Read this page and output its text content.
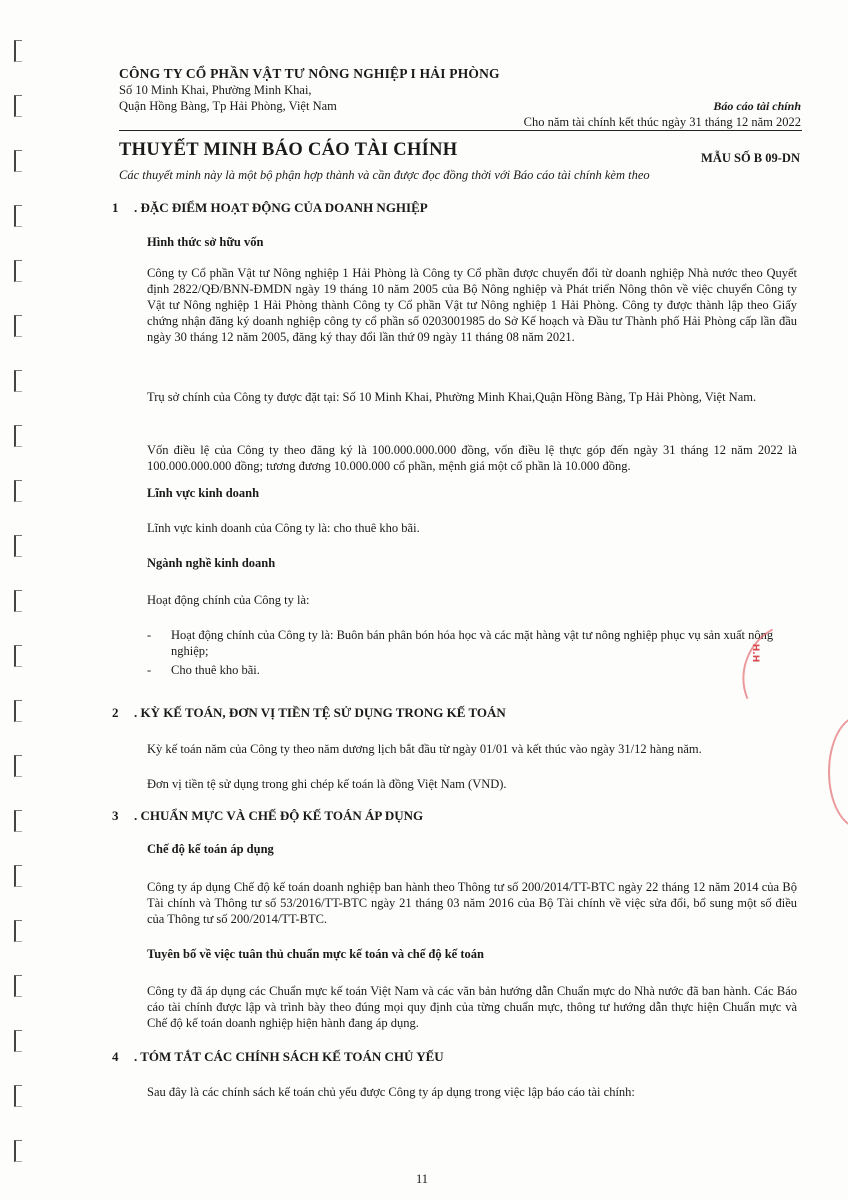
CÔNG TY CỔ PHẦN VẬT TƯ NÔNG NGHIỆP I HẢI PHÒNG
Số 10 Minh Khai, Phường Minh Khai,
Quận Hồng Bàng, Tp Hải Phòng, Việt Nam	Báo cáo tài chính
Cho năm tài chính kết thúc ngày 31 tháng 12 năm 2022
THUYẾT MINH BÁO CÁO TÀI CHÍNH	MẪU SỐ B 09-DN
Các thuyết minh này là một bộ phận hợp thành và cần được đọc đồng thời với Báo cáo tài chính kèm theo
1 . ĐẶC ĐIỂM HOẠT ĐỘNG CỦA DOANH NGHIỆP
Hình thức sở hữu vốn
Công ty Cổ phần Vật tư Nông nghiệp 1 Hải Phòng là Công ty Cổ phần được chuyển đổi từ doanh nghiệp Nhà nước theo Quyết định 2822/QĐ/BNN-ĐMDN ngày 19 tháng 10 năm 2005 của Bộ Nông nghiệp và Phát triển Nông thôn về việc chuyển Công ty Vật tư Nông nghiệp 1 Hải Phòng thành Công ty Cổ phần Vật tư Nông nghiệp 1 Hải Phòng. Công ty được thành lập theo Giấy chứng nhận đăng ký doanh nghiệp công ty cổ phần số 0203001985 do Sở Kế hoạch và Đầu tư Thành phố Hải Phòng cấp lần đầu ngày 30 tháng 12 năm 2005, đăng ký thay đổi lần thứ 09 ngày 11 tháng 08 năm 2021.
Trụ sở chính của Công ty được đặt tại: Số 10 Minh Khai, Phường Minh Khai,Quận Hồng Bàng, Tp Hải Phòng, Việt Nam.
Vốn điều lệ của Công ty theo đăng ký là 100.000.000.000 đồng, vốn điều lệ thực góp đến ngày 31 tháng 12 năm 2022 là 100.000.000.000 đồng; tương đương 10.000.000 cổ phần, mệnh giá một cổ phần là 10.000 đồng.
Lĩnh vực kinh doanh
Lĩnh vực kinh doanh của Công ty là: cho thuê kho bãi.
Ngành nghề kinh doanh
Hoạt động chính của Công ty là:
- Hoạt động chính của Công ty là: Buôn bán phân bón hóa học và các mặt hàng vật tư nông nghiệp phục vụ sản xuất nông nghiệp;
- Cho thuê kho bãi.
2 . KỲ KẾ TOÁN, ĐƠN VỊ TIỀN TỆ SỬ DỤNG TRONG KẾ TOÁN
Kỳ kế toán năm của Công ty theo năm dương lịch bắt đầu từ ngày 01/01 và kết thúc vào ngày 31/12 hàng năm.
Đơn vị tiền tệ sử dụng trong ghi chép kế toán là đồng Việt Nam (VND).
3 . CHUẨN MỰC VÀ CHẾ ĐỘ KẾ TOÁN ÁP DỤNG
Chế độ kế toán áp dụng
Công ty áp dụng Chế độ kế toán doanh nghiệp ban hành theo Thông tư số 200/2014/TT-BTC ngày 22 tháng 12 năm 2014 của Bộ Tài chính và Thông tư số 53/2016/TT-BTC ngày 21 tháng 03 năm 2016 của Bộ Tài chính về việc sửa đổi, bổ sung một số điều của Thông tư số 200/2014/TT-BTC.
Tuyên bố về việc tuân thủ chuẩn mực kế toán và chế độ kế toán
Công ty đã áp dụng các Chuẩn mực kế toán Việt Nam và các văn bản hướng dẫn Chuẩn mực do Nhà nước đã ban hành. Các Báo cáo tài chính được lập và trình bày theo đúng mọi quy định của từng chuẩn mực, thông tư hướng dẫn thực hiện Chuẩn mực và Chế độ kế toán doanh nghiệp hiện hành đang áp dụng.
4 . TÓM TẮT CÁC CHÍNH SÁCH KẾ TOÁN CHỦ YẾU
Sau đây là các chính sách kế toán chủ yếu được Công ty áp dụng trong việc lập báo cáo tài chính:
H.H
11
